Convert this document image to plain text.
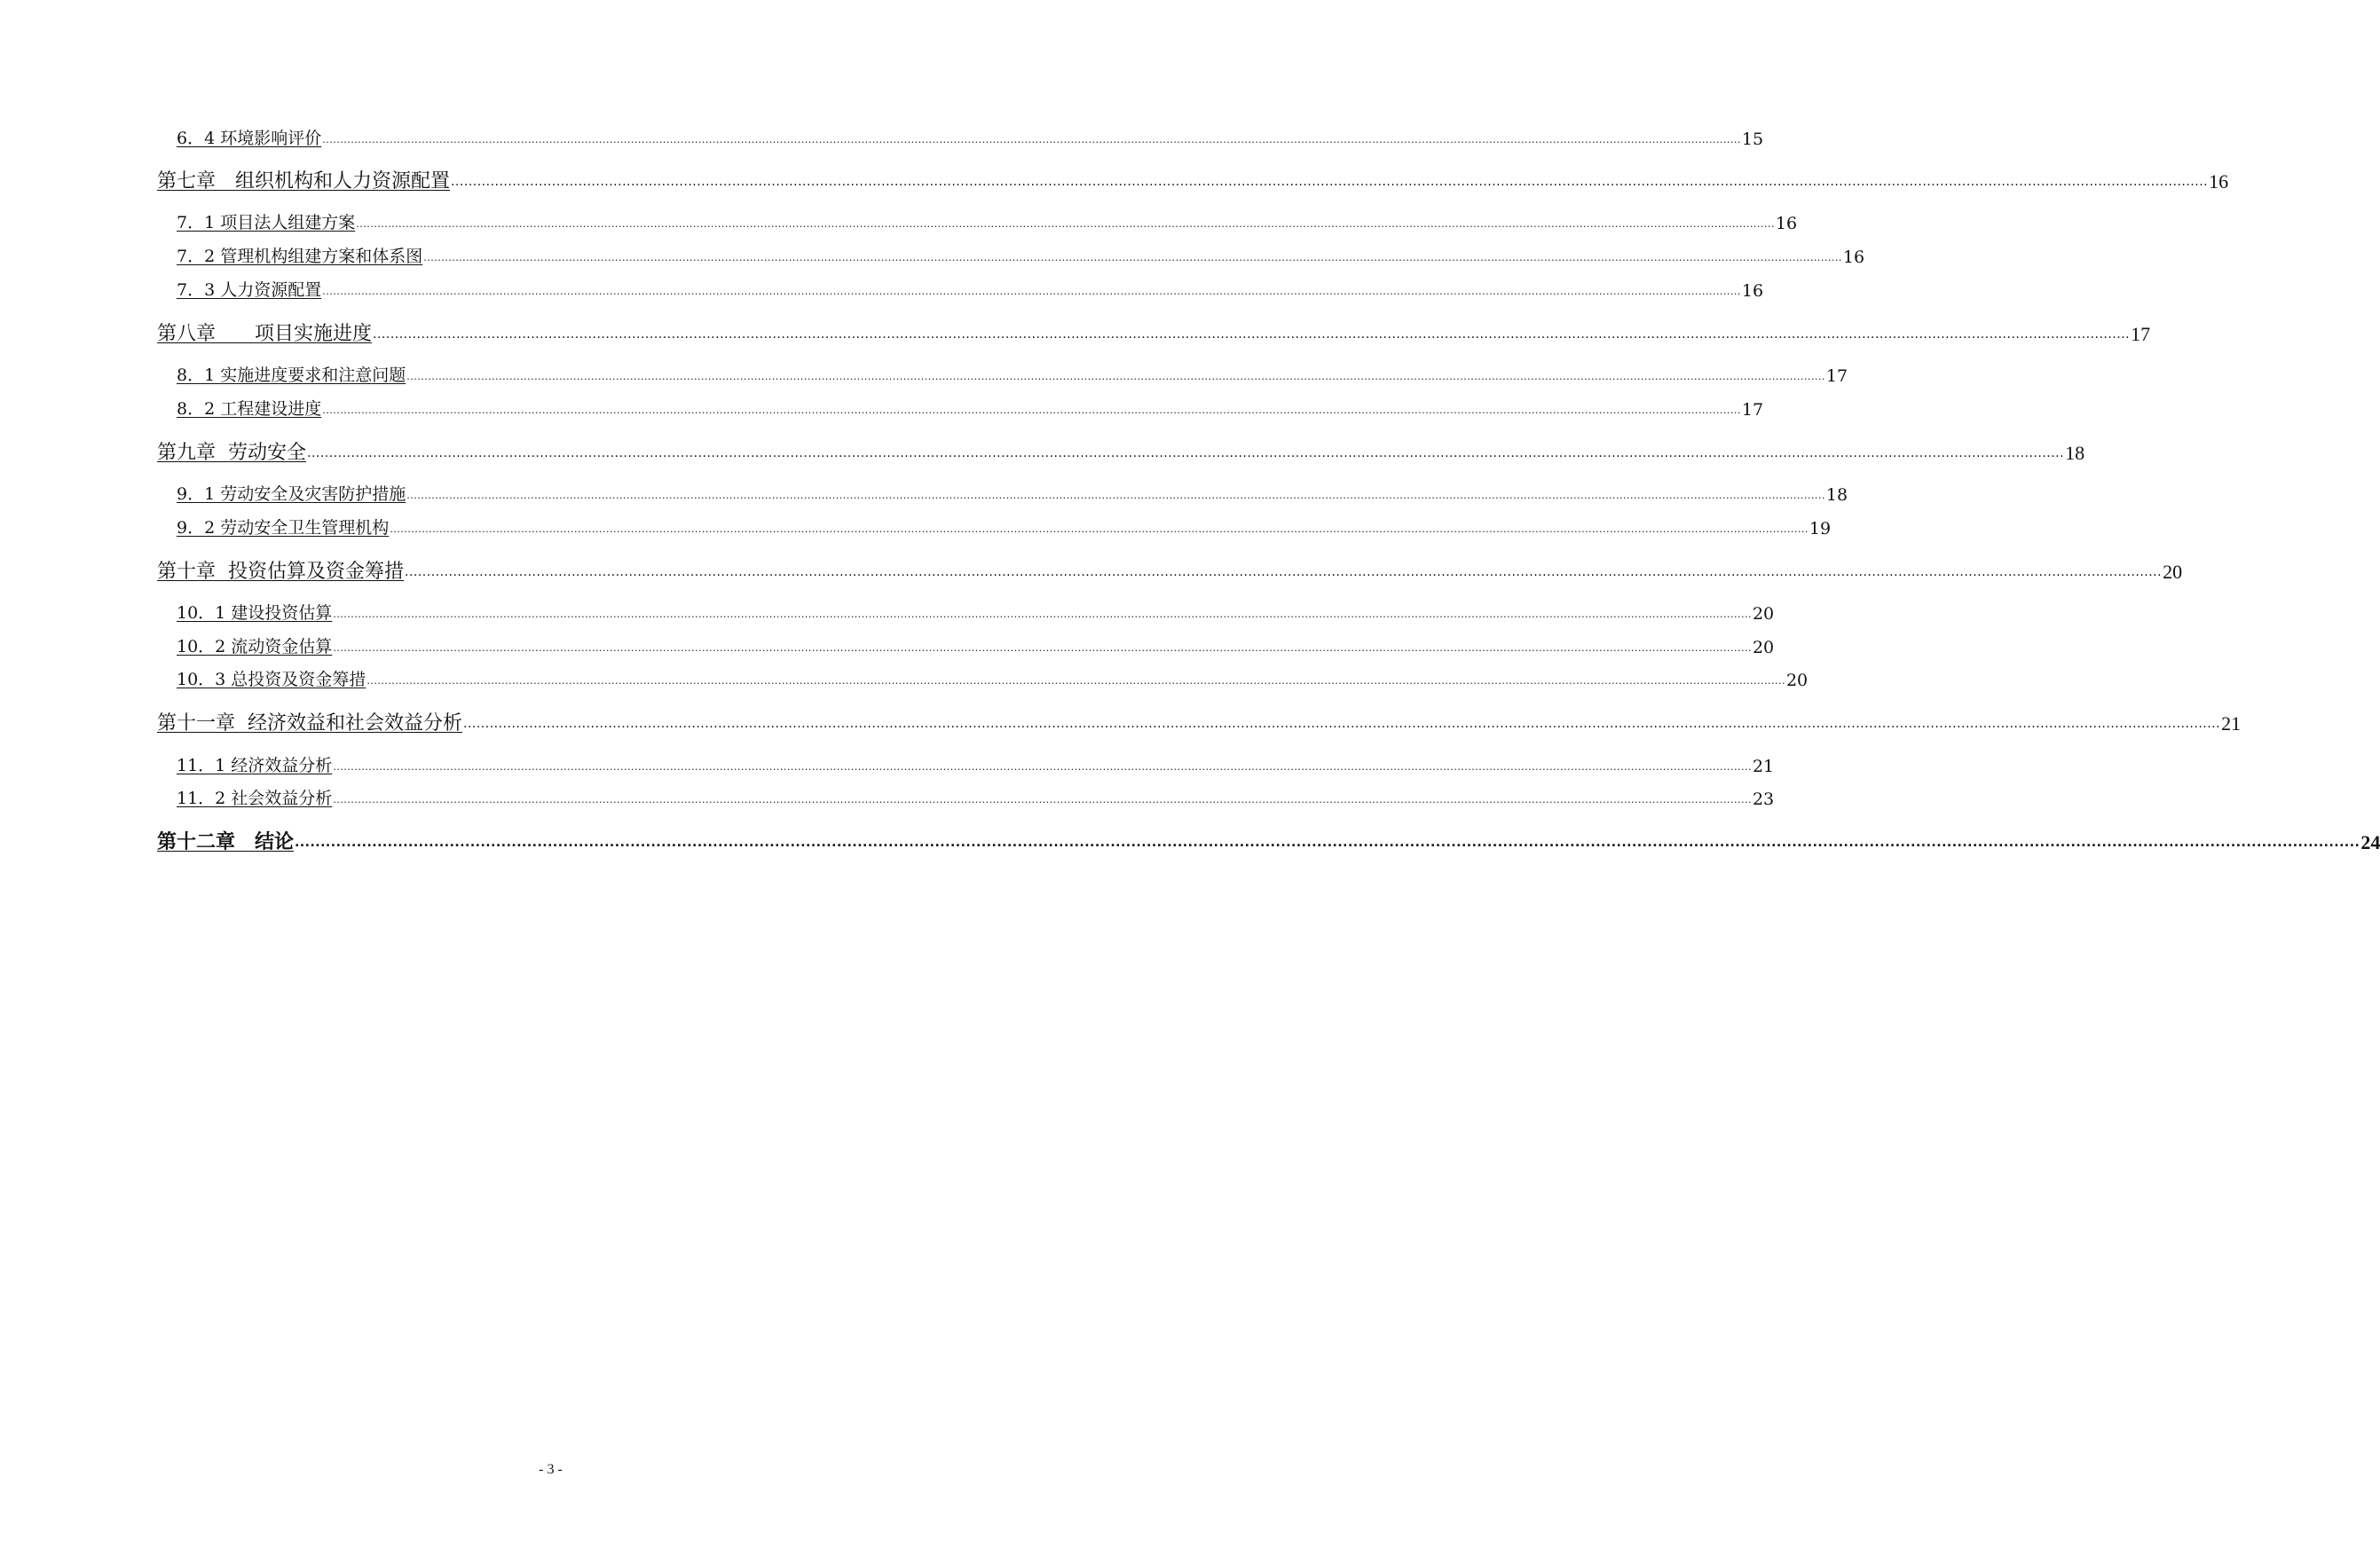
6．4 环境影响评价 ................................................................................................................................................................................................................................................................................................................................................................................................................ 15
第七章　组织机构和人力资源配置 ................................................................................................................................................................................................................................................................................................................................................................................................................ 16
7．1 项目法人组建方案 ................................................................................................................................................................................................................................................................................................................................................................................................................ 16
7．2 管理机构组建方案和体系图 ................................................................................................................................................................................................................................................................................................................................................................................................................ 16
7．3 人力资源配置 ................................................................................................................................................................................................................................................................................................................................................................................................................ 16
第八章　　项目实施进度 ................................................................................................................................................................................................................................................................................................................................................................................................................ 17
8．1 实施进度要求和注意问题 ................................................................................................................................................................................................................................................................................................................................................................................................................ 17
8．2 工程建设进度 ................................................................................................................................................................................................................................................................................................................................................................................................................ 17
第九章  劳动安全 ................................................................................................................................................................................................................................................................................................................................................................................................................ 18
9．1 劳动安全及灾害防护措施 ................................................................................................................................................................................................................................................................................................................................................................................................................ 18
9．2 劳动安全卫生管理机构 ................................................................................................................................................................................................................................................................................................................................................................................................................ 19
第十章  投资估算及资金筹措 ................................................................................................................................................................................................................................................................................................................................................................................................................ 20
10．1 建设投资估算 ................................................................................................................................................................................................................................................................................................................................................................................................................ 20
10．2 流动资金估算 ................................................................................................................................................................................................................................................................................................................................................................................................................ 20
10．3 总投资及资金筹措 ................................................................................................................................................................................................................................................................................................................................................................................................................ 20
第十一章  经济效益和社会效益分析 ................................................................................................................................................................................................................................................................................................................................................................................................................ 21
11．1 经济效益分析 ................................................................................................................................................................................................................................................................................................................................................................................................................ 21
11．2 社会效益分析 ................................................................................................................................................................................................................................................................................................................................................................................................................ 23
第十二章　结论 ................................................................................................................................................................................................................................................................................................................................................................................................................ 24
- 3 -
